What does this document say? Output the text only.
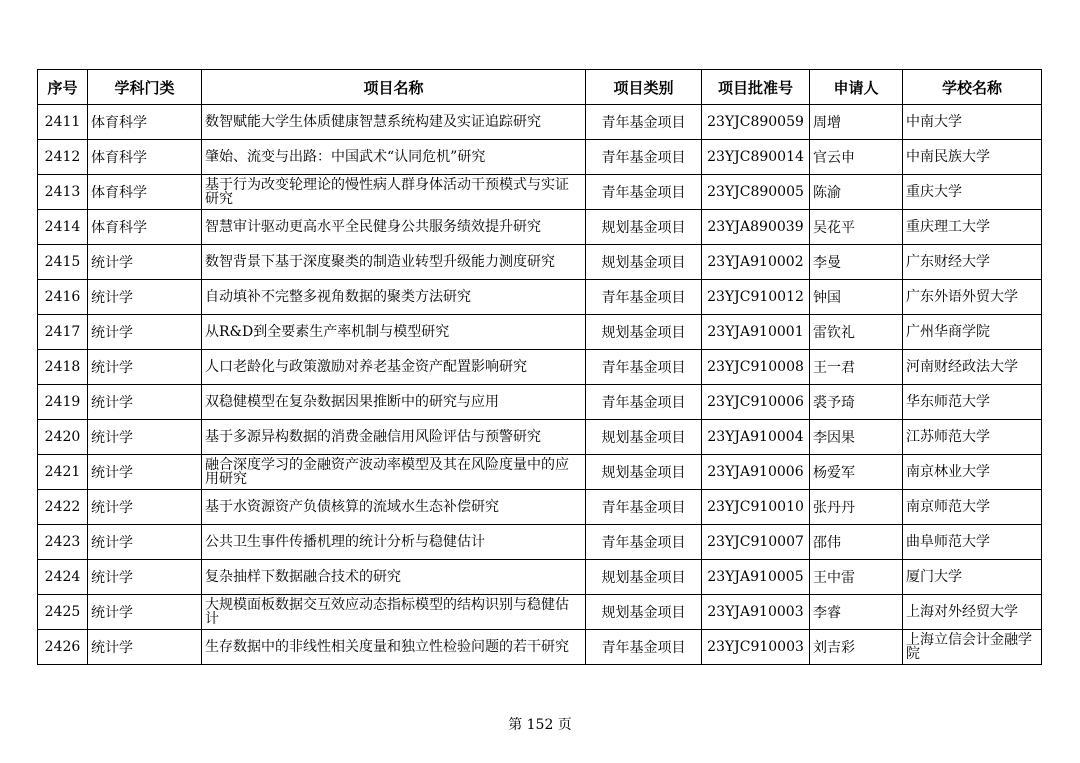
序号	学科门类	项目名称	项目类别	项目批准号	申请人	学校名称
2411	体育科学	数智赋能大学生体质健康智慧系统构建及实证追踪研究	青年基金项目	23YJC890059	周增	中南大学
2412	体育科学	肇始、流变与出路：中国武术“认同危机”研究	青年基金项目	23YJC890014	官云申	中南民族大学
2413	体育科学	基于行为改变轮理论的慢性病人群身体活动干预模式与实证研究	青年基金项目	23YJC890005	陈渝	重庆大学
2414	体育科学	智慧审计驱动更高水平全民健身公共服务绩效提升研究	规划基金项目	23YJA890039	吴花平	重庆理工大学
2415	统计学	数智背景下基于深度聚类的制造业转型升级能力测度研究	规划基金项目	23YJA910002	李曼	广东财经大学
2416	统计学	自动填补不完整多视角数据的聚类方法研究	青年基金项目	23YJC910012	钟国	广东外语外贸大学
2417	统计学	从R&D到全要素生产率机制与模型研究	规划基金项目	23YJA910001	雷钦礼	广州华商学院
2418	统计学	人口老龄化与政策激励对养老基金资产配置影响研究	青年基金项目	23YJC910008	王一君	河南财经政法大学
2419	统计学	双稳健模型在复杂数据因果推断中的研究与应用	青年基金项目	23YJC910006	裘予琦	华东师范大学
2420	统计学	基于多源异构数据的消费金融信用风险评估与预警研究	规划基金项目	23YJA910004	李因果	江苏师范大学
2421	统计学	融合深度学习的金融资产波动率模型及其在风险度量中的应用研究	规划基金项目	23YJA910006	杨爱军	南京林业大学
2422	统计学	基于水资源资产负债核算的流域水生态补偿研究	青年基金项目	23YJC910010	张丹丹	南京师范大学
2423	统计学	公共卫生事件传播机理的统计分析与稳健估计	青年基金项目	23YJC910007	邵伟	曲阜师范大学
2424	统计学	复杂抽样下数据融合技术的研究	规划基金项目	23YJA910005	王中雷	厦门大学
2425	统计学	大规模面板数据交互效应动态指标模型的结构识别与稳健估计	规划基金项目	23YJA910003	李睿	上海对外经贸大学
2426	统计学	生存数据中的非线性相关度量和独立性检验问题的若干研究	青年基金项目	23YJC910003	刘吉彩	上海立信会计金融学院
第 152 页
